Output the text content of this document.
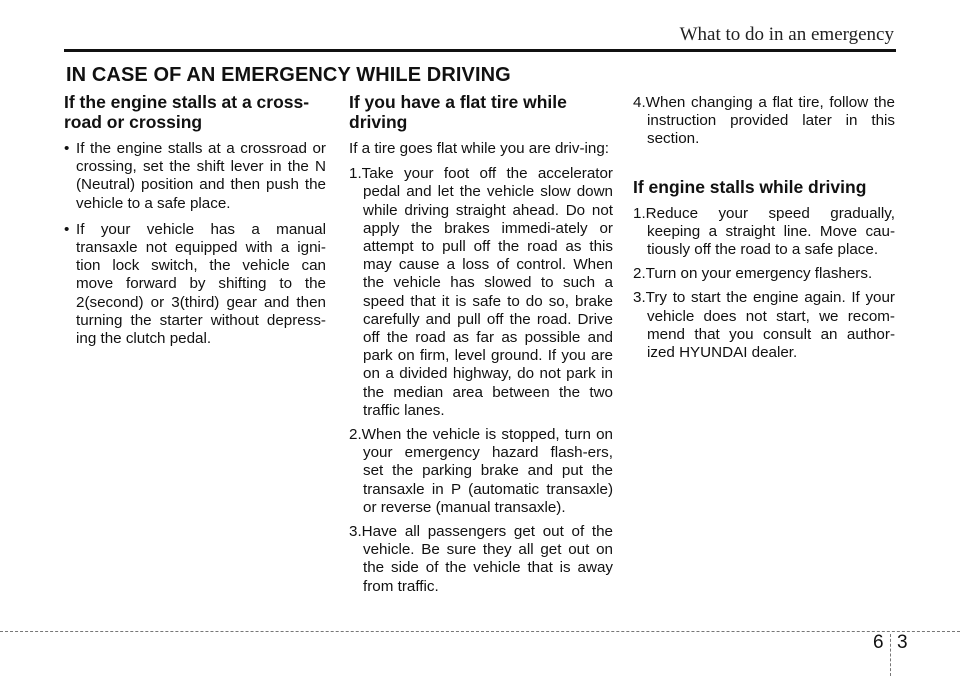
What to do in an emergency
IN CASE OF AN EMERGENCY WHILE DRIVING
If the engine stalls at a cross-
road or crossing
• If the engine stalls at a crossroad or crossing, set the shift lever in the N (Neutral) position and then push the vehicle to a safe place.
• If your vehicle has a manual transaxle not equipped with a igni-tion lock switch, the vehicle can move forward by shifting to the 2(second) or 3(third) gear and then turning the starter without depress-ing the clutch pedal.
If you have a flat tire while
driving

If a tire goes flat while you are driv-ing:

1.Take your foot off the accelerator pedal and let the vehicle slow down while driving straight ahead. Do not apply the brakes immedi-ately or attempt to pull off the road as this may cause a loss of control. When the vehicle has slowed to such a speed that it is safe to do so, brake carefully and pull off the road. Drive off the road as far as possible and park on firm, level ground. If you are on a divided highway, do not park in the median area between the two traffic lanes.
2.When the vehicle is stopped, turn on your emergency hazard flash-ers, set the parking brake and put the transaxle in P (automatic transaxle) or reverse (manual transaxle).
3.Have all passengers get out of the vehicle. Be sure they all get out on the side of the vehicle that is away from traffic.
4.When changing a flat tire, follow the instruction provided later in this section.
If engine stalls while driving
1.Reduce your speed gradually, keeping a straight line. Move cau-tiously off the road to a safe place.
2.Turn on your emergency flashers.
3.Try to start the engine again. If your vehicle does not start, we recom-mend that you consult an author-ized HYUNDAI dealer.
6 3
